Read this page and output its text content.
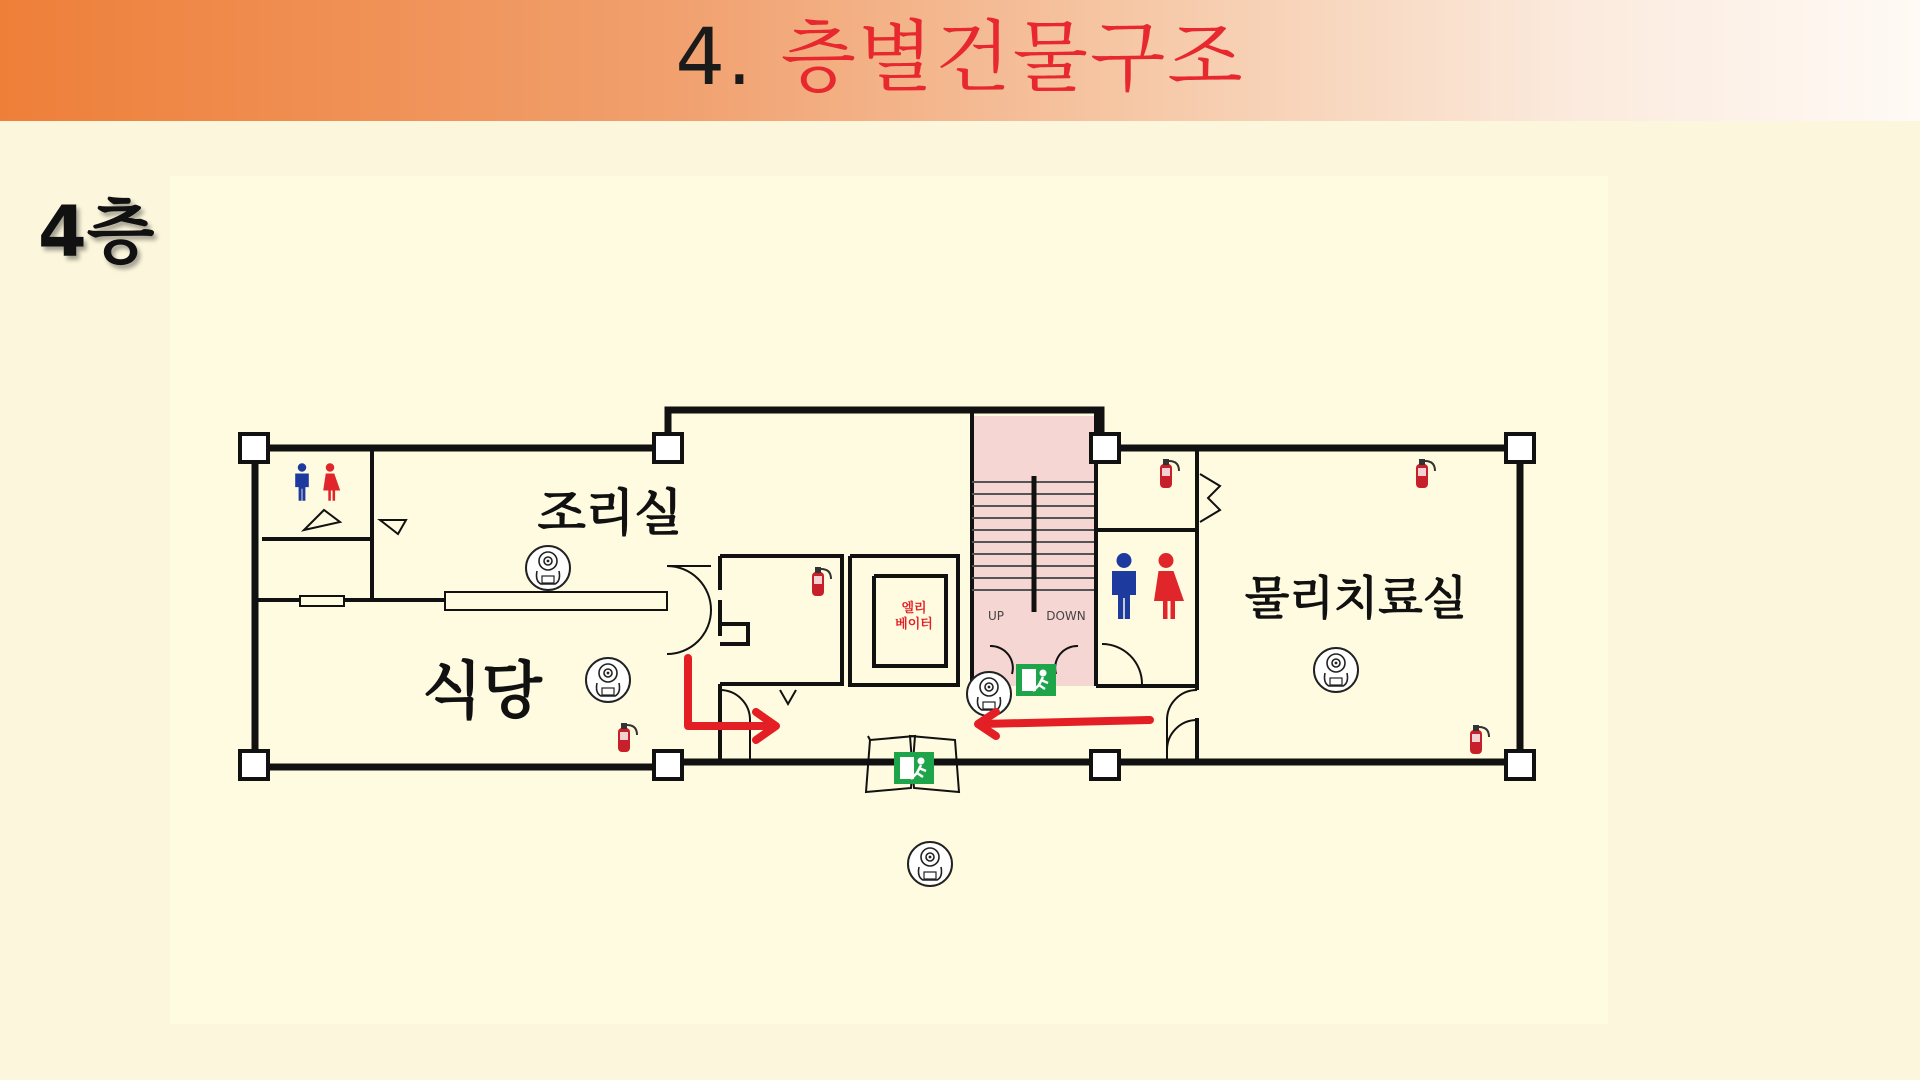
4. 층별건물구조
4층
UP	DOWN
엘리
베이터
조리실
식당
물리치료실
